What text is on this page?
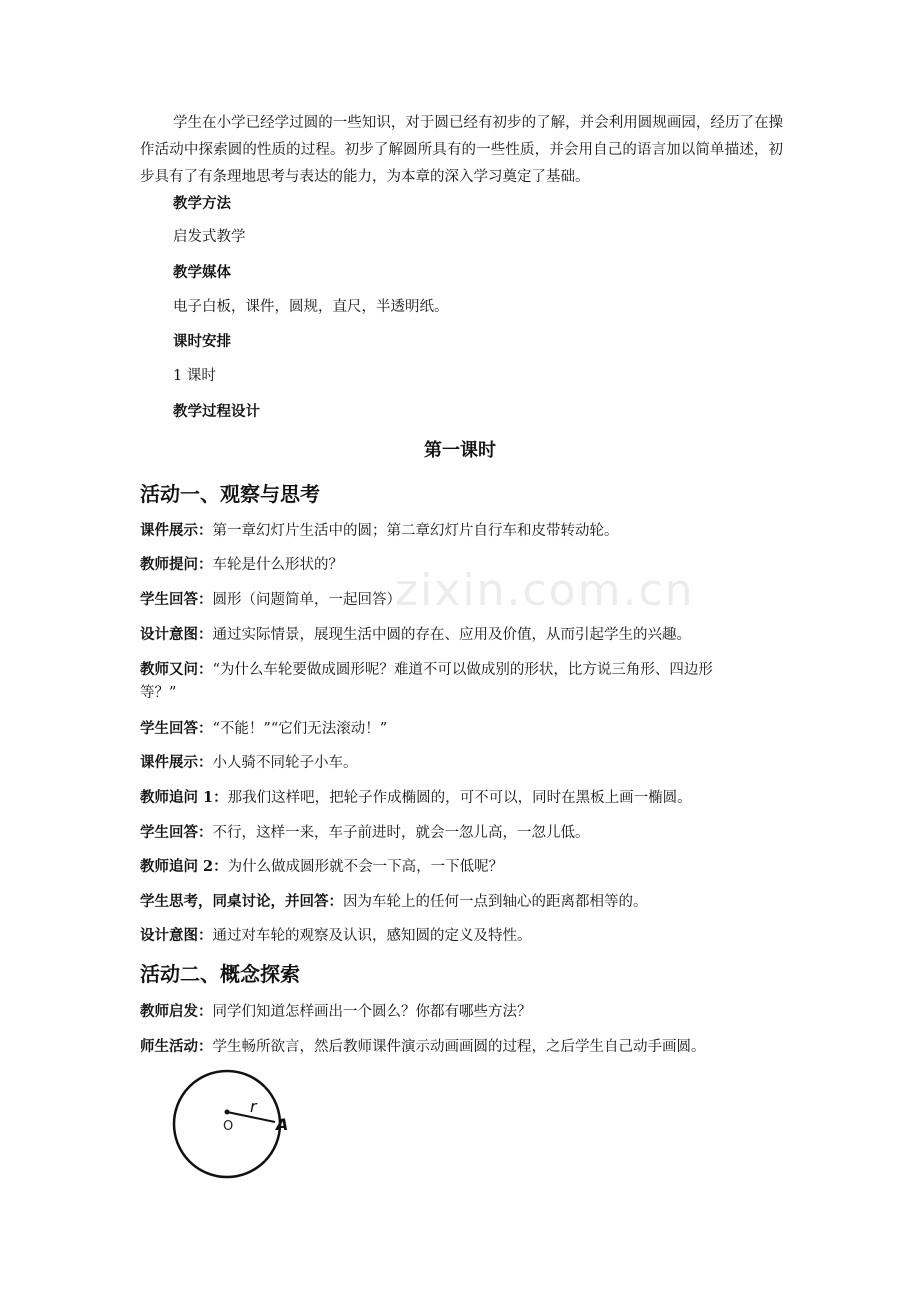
zixin.com.cn
学生在小学已经学过圆的一些知识，对于圆已经有初步的了解，并会利用圆规画园，经历了在操作活动中探索圆的性质的过程。初步了解圆所具有的一些性质，并会用自己的语言加以简单描述，初步具有了有条理地思考与表达的能力，为本章的深入学习奠定了基础。
教学方法
启发式教学
教学媒体
电子白板，课件，圆规，直尺，半透明纸。
课时安排
1 课时
教学过程设计
第一课时
活动一、观察与思考
课件展示：第一章幻灯片生活中的圆；第二章幻灯片自行车和皮带转动轮。
教师提问：车轮是什么形状的？
学生回答：圆形（问题简单，一起回答）
设计意图：通过实际情景，展现生活中圆的存在、应用及价值，从而引起学生的兴趣。
教师又问：“为什么车轮要做成圆形呢？难道不可以做成别的形状，比方说三角形、四边形
等？”
学生回答：“不能！”“它们无法滚动！”
课件展示：小人骑不同轮子小车。
教师追问 1：那我们这样吧，把轮子作成椭圆的，可不可以，同时在黑板上画一椭圆。
学生回答：不行，这样一来，车子前进时，就会一忽儿高，一忽儿低。
教师追问 2：为什么做成圆形就不会一下高，一下低呢？
学生思考，同桌讨论，并回答：因为车轮上的任何一点到轴心的距离都相等的。
设计意图：通过对车轮的观察及认识，感知圆的定义及特性。
活动二、概念探索
教师启发：同学们知道怎样画出一个圆么？你都有哪些方法？
师生活动：学生畅所欲言，然后教师课件演示动画画圆的过程，之后学生自己动手画圆。
O
r
A
